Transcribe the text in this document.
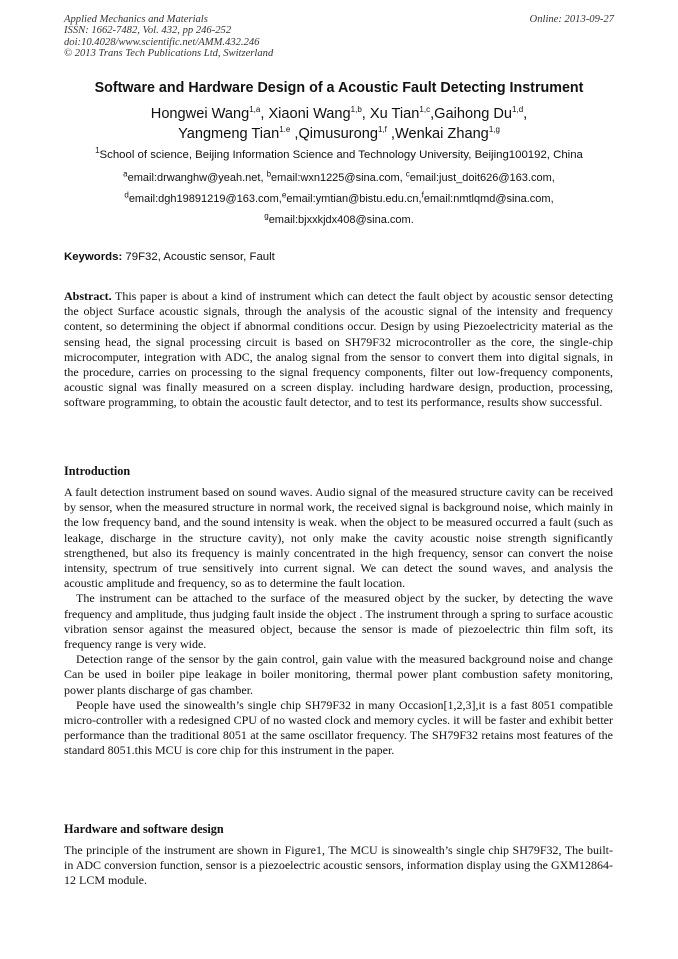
Applied Mechanics and Materials
ISSN: 1662-7482, Vol. 432, pp 246-252
doi:10.4028/www.scientific.net/AMM.432.246
© 2013 Trans Tech Publications Ltd, Switzerland
Online: 2013-09-27
Software and Hardware Design of a Acoustic Fault Detecting Instrument
Hongwei Wang$^{1,a}$, Xiaoni Wang$^{1,b}$, Xu Tian$^{1,c}$,Gaihong Du$^{1,d}$,
Yangmeng Tian$^{1.e}$ ,Qimusurong$^{1,f}$ ,Wenkai Zhang$^{1,g}$
$^1$School of science, Beijing Information Science and Technology University, Beijing100192, China
$^a$email:drwanghw@yeah.net, $^b$email:wxn1225@sina.com, $^c$email:just_doit626@163.com,
$^d$email:dgh19891219@163.com,$^e$email:ymtian@bistu.edu.cn,$^f$email:nmtlqmd@sina.com,
$^g$email:bjxxkjdx408@sina.com.
Keywords: 79F32, Acoustic sensor, Fault

Abstract. This paper is about a kind of instrument which can detect the fault object by acoustic sensor detecting the object Surface acoustic signals, through the analysis of the acoustic signal of the intensity and frequency content, so determining the object if abnormal conditions occur. Design by using Piezoelectricity material as the sensing head, the signal processing circuit is based on SH79F32 microcontroller as the core, the single-chip microcomputer, integration with ADC, the analog signal from the sensor to convert them into digital signals, in the procedure, carries on processing to the signal frequency components, filter out low-frequency components, acoustic signal was finally measured on a screen display. including hardware design, production, processing, software programming, to obtain the acoustic fault detector, and to test its performance, results show successful.

Introduction

A fault detection instrument based on sound waves. Audio signal of the measured structure cavity can be received by sensor, when the measured structure in normal work, the received signal is background noise, which mainly in the low frequency band, and the sound intensity is weak. when the object to be measured occurred a fault (such as leakage, discharge in the structure cavity), not only make the cavity acoustic noise strength significantly strengthened, but also its frequency is mainly concentrated in the high frequency, sensor can convert the noise intensity, spectrum of true sensitively into current signal. We can detect the sound waves, and analysis the acoustic amplitude and frequency, so as to determine the fault location.

The instrument can be attached to the surface of the measured object by the sucker, by detecting the wave frequency and amplitude, thus judging fault inside the object . The instrument through a spring to surface acoustic vibration sensor against the measured object, because the sensor is made of piezoelectric thin film soft, its frequency range is very wide.

Detection range of the sensor by the gain control, gain value with the measured background noise and change Can be used in boiler pipe leakage in boiler monitoring, thermal power plant combustion safety monitoring, power plants discharge of gas chamber.

People have used the sinowealth’s single chip SH79F32 in many Occasion[1,2,3],it is a fast 8051 compatible micro-controller with a redesigned CPU of no wasted clock and memory cycles. it will be faster and exhibit better performance than the traditional 8051 at the same oscillator frequency. The SH79F32 retains most features of the standard 8051.this MCU is core chip for this instrument in the paper.

Hardware and software design

The principle of the instrument are shown in Figure1, The MCU is sinowealth’s single chip SH79F32, The built-in ADC conversion function, sensor is a piezoelectric acoustic sensors, information display using the GXM12864-12 LCM module.
